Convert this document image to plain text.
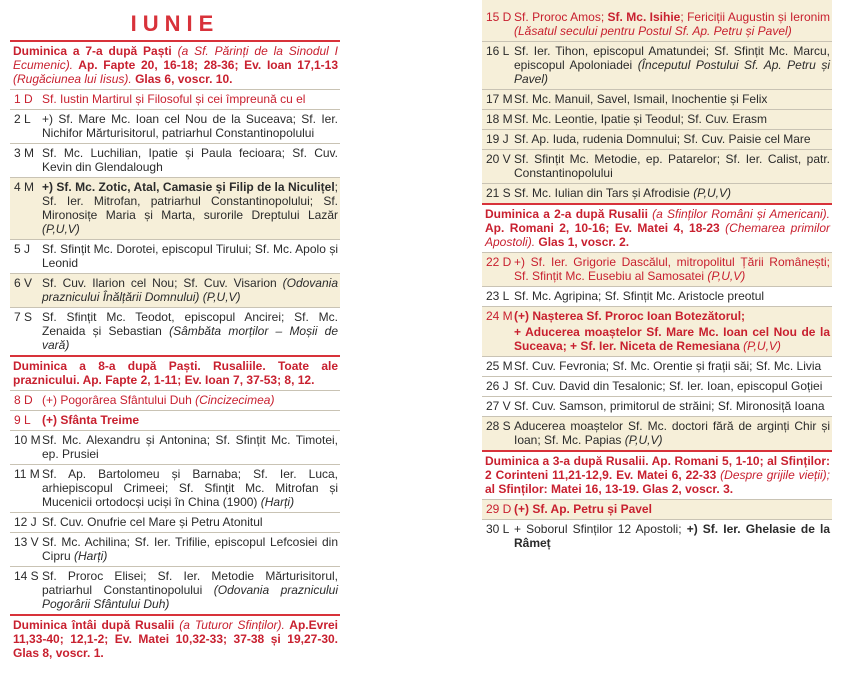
IUNIE
Duminica a 7-a după Paști (a Sf. Părinți de la Sinodul I Ecumenic). Ap. Fapte 20, 16-18; 28-36; Ev. Ioan 17,1-13 (Rugăciunea lui Iisus). Glas 6, voscr. 10.
1 D Sf. Iustin Martirul și Filosoful și cei împreună cu el
2 L +) Sf. Mare Mc. Ioan cel Nou de la Suceava; Sf. Ier. Nichifor Mărturisitorul, patriarhul Constantinopolului
3 M Sf. Mc. Luchilian, Ipatie și Paula fecioara; Sf. Cuv. Kevin din Glendalough
4 M +) Sf. Mc. Zotic, Atal, Camasie și Filip de la Niculițel; Sf. Ier. Mitrofan, patriarhul Constantinopolului; Sf. Mironosițe Maria și Marta, surorile Dreptului Lazăr (P,U,V)
5 J Sf. Sfințit Mc. Dorotei, episcopul Tirului; Sf. Mc. Apolo și Leonid
6 V Sf. Cuv. Ilarion cel Nou; Sf. Cuv. Visarion (Odovania praznicului Înălțării Domnului) (P,U,V)
7 S Sf. Sfințit Mc. Teodot, episcopul Ancirei; Sf. Mc. Zenaida și Sebastian (Sâmbăta morților – Moșii de vară)
Duminica a 8-a după Paști. Rusaliile. Toate ale praznicului. Ap. Fapte 2, 1-11; Ev. Ioan 7, 37-53; 8, 12.
8 D (+) Pogorârea Sfântului Duh (Cincizecimea)
9 L (+) Sfânta Treime
10 M Sf. Mc. Alexandru și Antonina; Sf. Sfințit Mc. Timotei, ep. Prusiei
11 M Sf. Ap. Bartolomeu și Barnaba; Sf. Ier. Luca, arhiepiscopul Crimeei; Sf. Sfințit Mc. Mitrofan și Mucenicii ortodocși uciși în China (1900) (Harți)
12 J Sf. Cuv. Onufrie cel Mare și Petru Atonitul
13 V Sf. Mc. Achilina; Sf. Ier. Trifilie, episcopul Lefcosiei din Cipru (Harți)
14 S Sf. Proroc Elisei; Sf. Ier. Metodie Mărturisitorul, patriarhul Constantinopolului (Odovania praznicului Pogorârii Sfântului Duh)
Duminica întâi după Rusalii (a Tuturor Sfinților). Ap.Evrei 11,33-40; 12,1-2; Ev. Matei 10,32-33; 37-38 și 19,27-30. Glas 8, voscr. 1.
15 D Sf. Proroc Amos; Sf. Mc. Isihie; Fericiții Augustin și Ieronim (Lăsatul secului pentru Postul Sf. Ap. Petru și Pavel)
16 L Sf. Ier. Tihon, episcopul Amatundei; Sf. Sfințit Mc. Marcu, episcopul Apoloniadei (Începutul Postului Sf. Ap. Petru și Pavel)
17 M Sf. Mc. Manuil, Savel, Ismail, Inochentie și Felix
18 M Sf. Mc. Leontie, Ipatie și Teodul; Sf. Cuv. Erasm
19 J Sf. Ap. Iuda, rudenia Domnului; Sf. Cuv. Paisie cel Mare
20 V Sf. Sfințit Mc. Metodie, ep. Patarelor; Sf. Ier. Calist, patr. Constantinopolului
21 S Sf. Mc. Iulian din Tars și Afrodisie (P,U,V)
Duminica a 2-a după Rusalii (a Sfinților Români și Americani). Ap. Romani 2, 10-16; Ev. Matei 4, 18-23 (Chemarea primilor Apostoli). Glas 1, voscr. 2.
22 D +) Sf. Ier. Grigorie Dascălul, mitropolitul Țării Românești; Sf. Sfințit Mc. Eusebiu al Samosatei (P,U,V)
23 L Sf. Mc. Agripina; Sf. Sfințit Mc. Aristocle preotul
24 M (+) Nașterea Sf. Proroc Ioan Botezătorul;
+ Aducerea moaștelor Sf. Mare Mc. Ioan cel Nou de la Suceava; + Sf. Ier. Niceta de Remesiana (P,U,V)
25 M Sf. Cuv. Fevronia; Sf. Mc. Orentie și frații săi; Sf. Mc. Livia
26 J Sf. Cuv. David din Tesalonic; Sf. Ier. Ioan, episcopul Goției
27 V Sf. Cuv. Samson, primitorul de străini; Sf. Mironosiță Ioana
28 S Aducerea moaștelor Sf. Mc. doctori fără de arginți Chir și Ioan; Sf. Mc. Papias (P,U,V)
Duminica a 3-a după Rusalii. Ap. Romani 5, 1-10; al Sfinților: 2 Corinteni 11,21-12,9. Ev. Matei 6, 22-33 (Despre grijile vieții); al Sfinților: Matei 16, 13-19. Glas 2, voscr. 3.
29 D (+) Sf. Ap. Petru și Pavel
30 L + Soborul Sfinților 12 Apostoli; +) Sf. Ier. Ghelasie de la Râmeț
